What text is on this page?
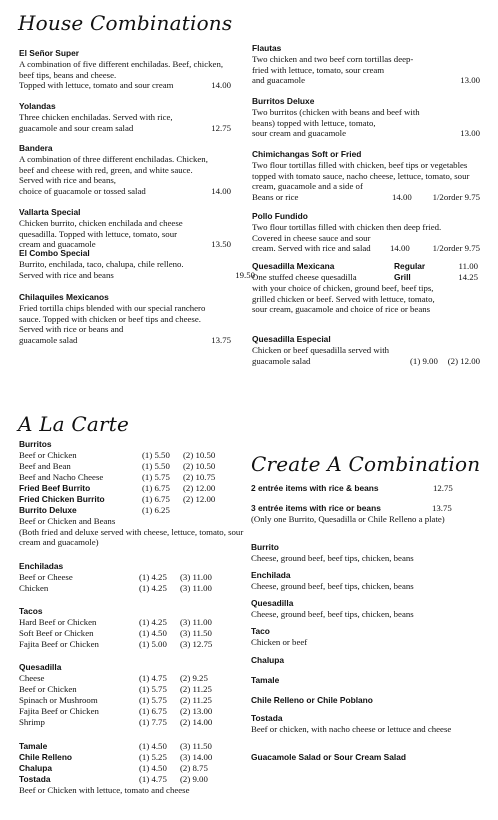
House Combinations
El Señor Super
A combination of five different enchiladas. Beef, chicken, beef tips, beans and cheese.
Topped with lettuce, tomato and sour cream	14.00
Yolandas
Three chicken enchiladas. Served with rice,
guacamole and sour cream salad	12.75
Bandera
A combination of three different enchiladas. Chicken, beef and cheese with red, green, and white sauce. Served with rice and beans,
choice of guacamole or tossed salad	14.00
Vallarta Special
Chicken burrito, chicken enchilada and cheese quesadilla. Topped with lettuce, tomato, sour
cream and guacamole	13.50
El Combo Special
Burrito, enchilada, taco, chalupa, chile relleno.
Served with rice and beans	19.50
Chilaquiles Mexicanos
Fried tortilla chips blended with our special ranchero sauce. Topped with chicken or beef tips and cheese. Served with rice or beans and
guacamole salad	13.75
Flautas
Two chicken and two beef corn tortillas deep-fried with lettuce, tomato, sour cream
and guacamole	13.00
Burritos Deluxe
Two burritos (chicken with beans and beef with beans) topped with lettuce, tomato,
sour cream and guacamole	13.00
Chimichangas Soft or Fried
Two flour tortillas filled with chicken, beef tips or vegetables topped with tomato sauce, nacho cheese, lettuce, tomato, sour cream, guacamole and a side of
Beans or rice	14.00 1/2order 9.75
Pollo Fundido
Two flour tortillas filled with chicken then deep fried. Covered in cheese sauce and sour
cream. Served with rice and salad 14.00	1/2order 9.75
Quesadilla Mexicana	Regular	11.00
One stuffed cheese quesadilla	Grill	14.25
with your choice of chicken, ground beef, beef tips, grilled chicken or beef. Served with lettuce, tomato, sour cream, guacamole and choice of rice or beans
Quesadilla Especial
Chicken or beef quesadilla served with
guacamole salad	(1) 9.00 (2) 12.00
A La Carte
Burritos
Beef or Chicken	(1) 5.50 (2) 10.50
Beef and Bean	(1) 5.50 (2) 10.50
Beef and Nacho Cheese	(1) 5.75 (2) 10.75
Fried Beef Burrito	(1) 6.75 (2) 12.00
Fried Chicken Burrito	(1) 6.75 (2) 12.00
Burrito Deluxe	(1) 6.25
Beef or Chicken and Beans
(Both fried and deluxe served with cheese, lettuce, tomato, sour cream and guacamole)
Enchiladas
Beef or Cheese	(1) 4.25 (3) 11.00
Chicken	(1) 4.25 (3) 11.00
Tacos
Hard Beef or Chicken	(1) 4.25 (3) 11.00
Soft Beef or Chicken	(1) 4.50 (3) 11.50
Fajita Beef or Chicken	(1) 5.00 (3) 12.75
Quesadilla
Cheese	(1) 4.75 (2) 9.25
Beef or Chicken	(1) 5.75 (2) 11.25
Spinach or Mushroom	(1) 5.75 (2) 11.25
Fajita Beef or Chicken	(1) 6.75 (2) 13.00
Shrimp	(1) 7.75 (2) 14.00
Tamale	(1) 4.50 (3) 11.50
Chile Relleno	(1) 5.25 (3) 14.00
Chalupa	(1) 4.50 (2) 8.75
Tostada	(1) 4.75 (2) 9.00
Beef or Chicken with lettuce, tomato and cheese
Create A Combination
2 entrée items with rice & beans	12.75
3 entrée items with rice or beans	13.75
(Only one Burrito, Quesadilla or Chile Relleno a plate)
Burrito
Cheese, ground beef, beef tips, chicken, beans
Enchilada
Cheese, ground beef, beef tips, chicken, beans
Quesadilla
Cheese, ground beef, beef tips, chicken, beans
Taco
Chicken or beef
Chalupa
Tamale
Chile Relleno or Chile Poblano
Tostada
Beef or chicken, with nacho cheese or lettuce and cheese
Guacamole Salad or Sour Cream Salad
